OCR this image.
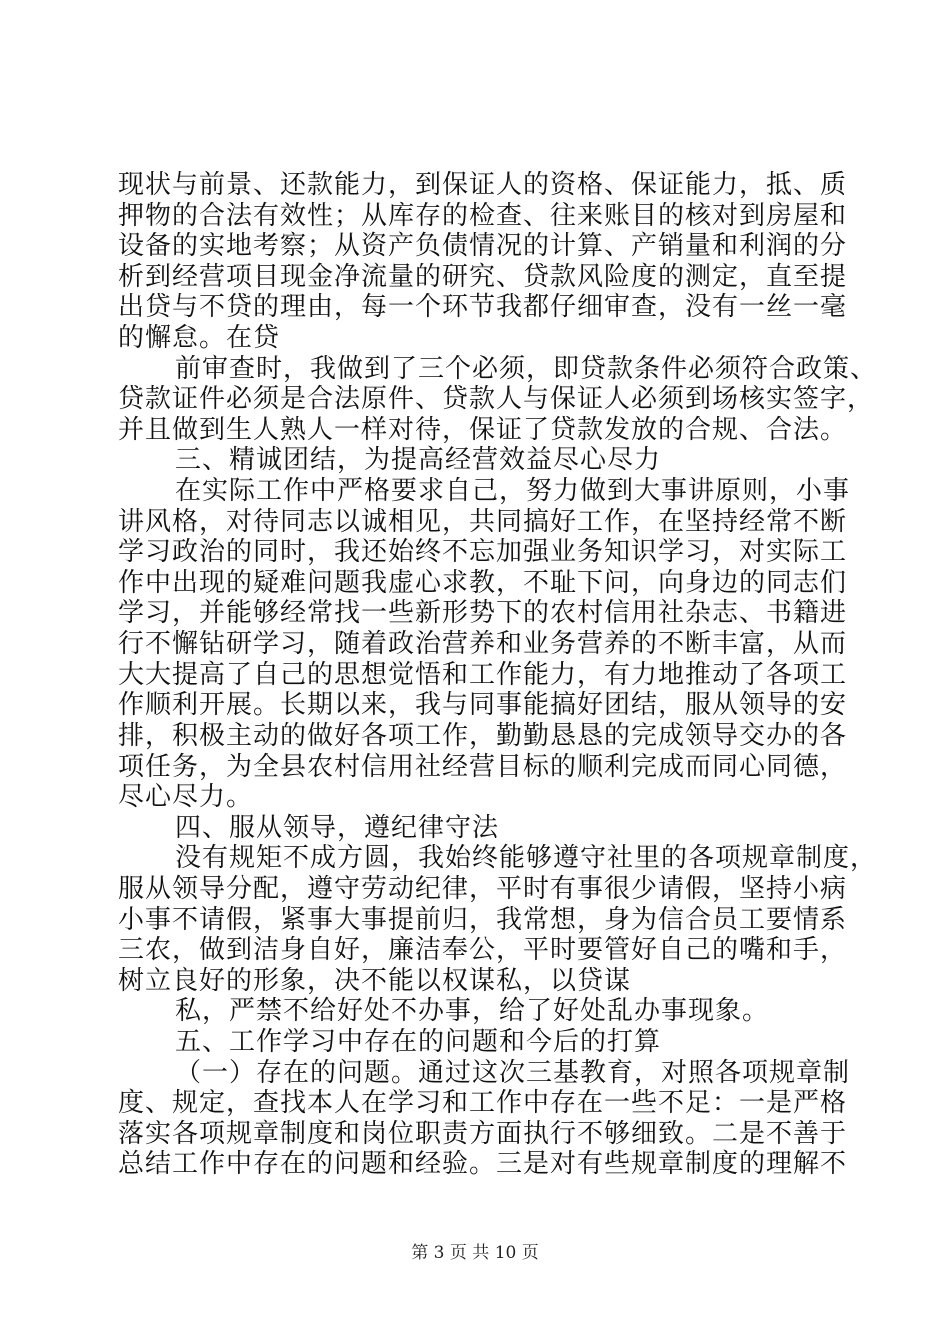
现状与前景、还款能力，到保证人的资格、保证能力，抵、质
押物的合法有效性；从库存的检查、往来账目的核对到房屋和
设备的实地考察；从资产负债情况的计算、产销量和利润的分
析到经营项目现金净流量的研究、贷款风险度的测定，直至提
出贷与不贷的理由，每一个环节我都仔细审查，没有一丝一毫
的懈怠。在贷
前审查时，我做到了三个必须，即贷款条件必须符合政策、
贷款证件必须是合法原件、贷款人与保证人必须到场核实签字，
并且做到生人熟人一样对待，保证了贷款发放的合规、合法。
三、精诚团结，为提高经营效益尽心尽力
在实际工作中严格要求自己，努力做到大事讲原则，小事
讲风格，对待同志以诚相见，共同搞好工作，在坚持经常不断
学习政治的同时，我还始终不忘加强业务知识学习，对实际工
作中出现的疑难问题我虚心求教，不耻下问，向身边的同志们
学习，并能够经常找一些新形势下的农村信用社杂志、书籍进
行不懈钻研学习，随着政治营养和业务营养的不断丰富，从而
大大提高了自己的思想觉悟和工作能力，有力地推动了各项工
作顺利开展。长期以来，我与同事能搞好团结，服从领导的安
排，积极主动的做好各项工作，勤勤恳恳的完成领导交办的各
项任务，为全县农村信用社经营目标的顺利完成而同心同德，
尽心尽力。
四、服从领导，遵纪律守法
没有规矩不成方圆，我始终能够遵守社里的各项规章制度，
服从领导分配，遵守劳动纪律，平时有事很少请假，坚持小病
小事不请假，紧事大事提前归，我常想，身为信合员工要情系
三农，做到洁身自好，廉洁奉公，平时要管好自己的嘴和手，
树立良好的形象，决不能以权谋私，以贷谋
私，严禁不给好处不办事，给了好处乱办事现象。
五、工作学习中存在的问题和今后的打算
（一）存在的问题。通过这次三基教育，对照各项规章制
度、规定，查找本人在学习和工作中存在一些不足：一是严格
落实各项规章制度和岗位职责方面执行不够细致。二是不善于
总结工作中存在的问题和经验。三是对有些规章制度的理解不
第 3 页 共 10 页
